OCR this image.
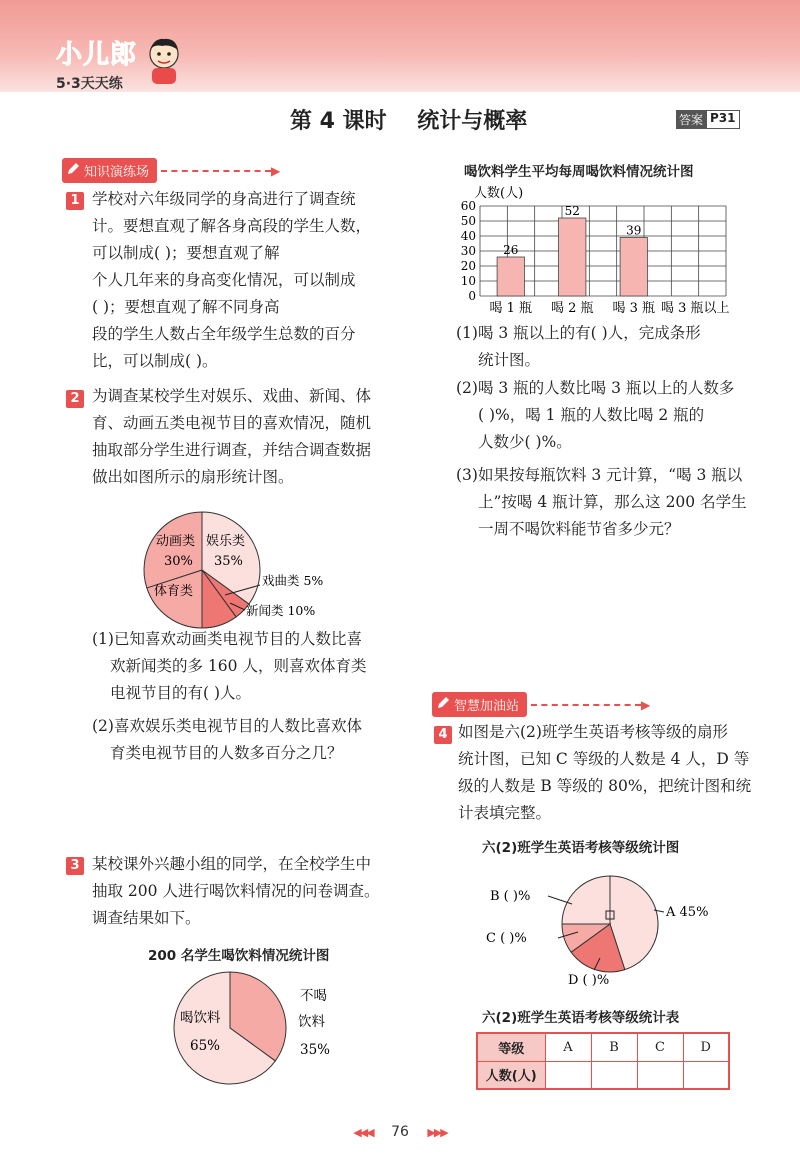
小儿郎
5·3天天练
第 4 课时    统计与概率	答案 P31
知识演练场	▶
1 学校对六年级同学的身高进行了调查统
计。要想直观了解各身高段的学生人数，
可以制成( )；要想直观了解
个人几年来的身高变化情况，可以制成
( )；要想直观了解不同身高
段的学生人数占全年级学生总数的百分
比，可以制成( )。
2 为调查某校学生对娱乐、戏曲、新闻、体
育、动画五类电视节目的喜欢情况，随机
抽取部分学生进行调查，并结合调查数据
做出如图所示的扇形统计图。
动画类
30%
娱乐类
35%
体育类
戏曲类 5%
新闻类 10%
(1)已知喜欢动画类电视节目的人数比喜
欢新闻类的多 160 人，则喜欢体育类
电视节目的有( )人。
(2)喜欢娱乐类电视节目的人数比喜欢体
育类电视节目的人数多百分之几？
3 某校课外兴趣小组的同学，在全校学生中
抽取 200 人进行喝饮料情况的问卷调查。
调查结果如下。
200 名学生喝饮料情况统计图
喝饮料
65%
不喝
饮料
35%
喝饮料学生平均每周喝饮料情况统计图
人数(人)
0
10
20
30
40
50
60
喝 1 瓶
26
喝 2 瓶
52
喝 3 瓶
39
喝 3 瓶以上
(1)喝 3 瓶以上的有( )人，完成条形
统计图。
(2)喝 3 瓶的人数比喝 3 瓶以上的人数多
( )%，喝 1 瓶的人数比喝 2 瓶的
人数少( )%。
(3)如果按每瓶饮料 3 元计算，“喝 3 瓶以
上”按喝 4 瓶计算，那么这 200 名学生
一周不喝饮料能节省多少元？
智慧加油站	▶
4 如图是六(2)班学生英语考核等级的扇形
统计图，已知 C 等级的人数是 4 人，D 等
级的人数是 B 等级的 80%，把统计图和统
计表填完整。
六(2)班学生英语考核等级统计图
A 45%
B ( )%
C ( )%
D ( )%
六(2)班学生英语考核等级统计表
等级	A	B	C	D
人数(人)				
◀◀◀ 76 ▶▶▶
